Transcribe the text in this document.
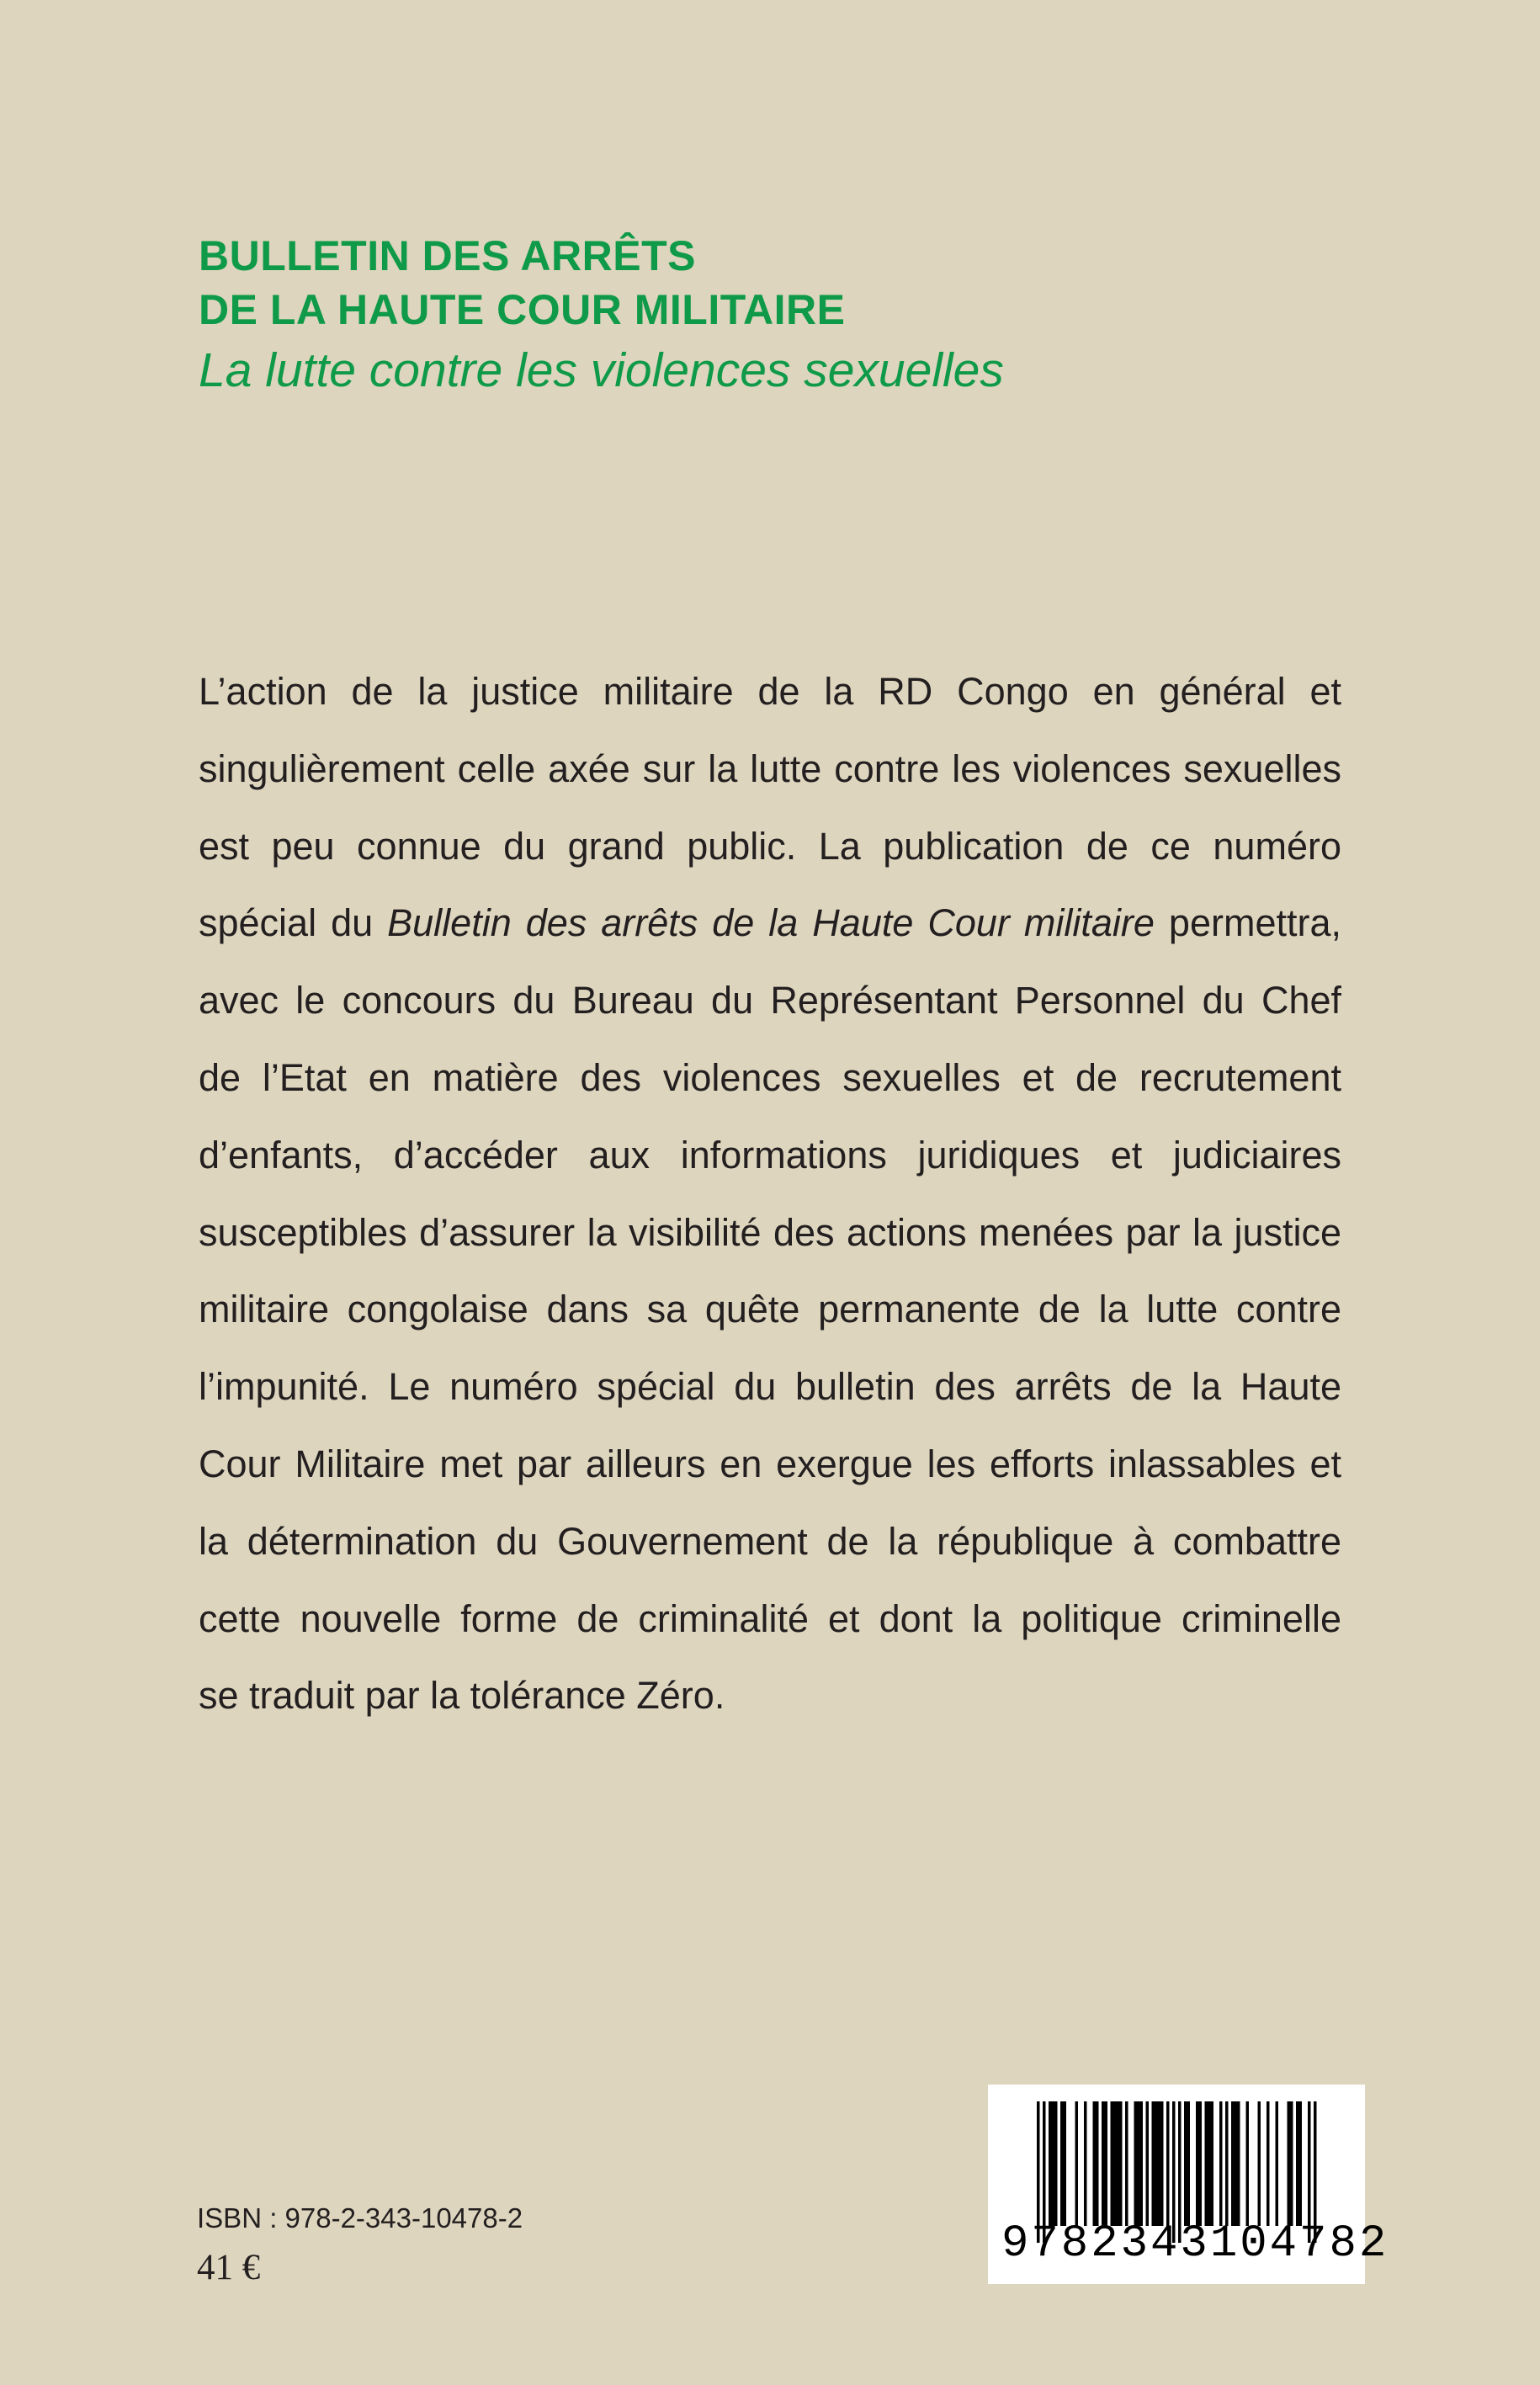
BULLETIN DES ARRÊTS
DE LA HAUTE COUR MILITAIRE
La lutte contre les violences sexuelles
L’action de la justice militaire de la RD Congo en général et
singulièrement celle axée sur la lutte contre les violences sexuelles
est peu connue du grand public. La publication de ce numéro
spécial du Bulletin des arrêts de la Haute Cour militaire permettra,
avec le concours du Bureau du Représentant Personnel du Chef
de l’Etat en matière des violences sexuelles et de recrutement
d’enfants, d’accéder aux informations juridiques et judiciaires
susceptibles d’assurer la visibilité des actions menées par la justice
militaire congolaise dans sa quête permanente de la lutte contre
l’impunité. Le numéro spécial du bulletin des arrêts de la Haute
Cour Militaire met par ailleurs en exergue les efforts inlassables et
la détermination du Gouvernement de la république à combattre
cette nouvelle forme de criminalité et dont la politique criminelle
se traduit par la tolérance Zéro.
ISBN : 978-2-343-10478-2
41 €	9782343104782
